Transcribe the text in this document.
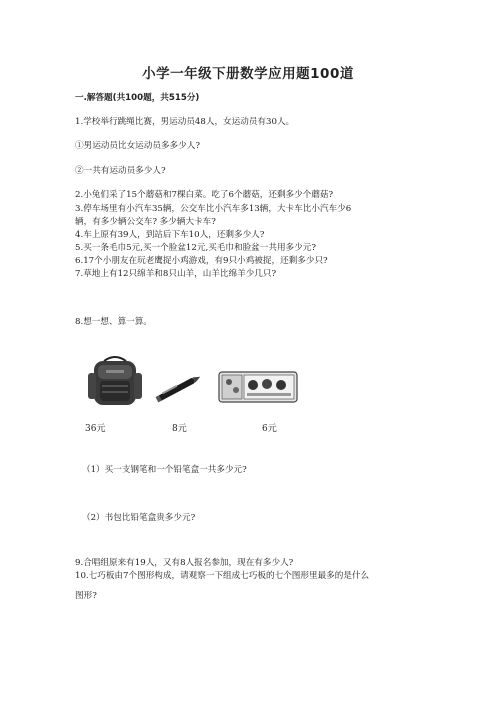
小学一年级下册数学应用题100道
一.解答题(共100题，共515分)
1.学校举行跳绳比赛，男运动员48人，女运动员有30人。
①男运动员比女运动员多多少人?
②一共有运动员多少人?
2.小兔们采了15个蘑菇和7棵白菜。吃了6个蘑菇，还剩多少个蘑菇?
3.停车场里有小汽车35辆，公交车比小汽车多13辆，大卡车比小汽车少6
辆，有多少辆公交车? 多少辆大卡车?
4.车上原有39人，到站后下车10人，还剩多少人?
5.买一条毛巾5元,买一个脸盆12元,买毛巾和脸盆一共用多少元?
6.17个小朋友在玩老鹰捉小鸡游戏，有9只小鸡被捉，还剩多少只?
7.草地上有12只绵羊和8只山羊，山羊比绵羊少几只?
8.想一想、算一算。
36元	8元	6元
（1）买一支钢笔和一个铅笔盒一共多少元?
（2）书包比铅笔盒贵多少元?
9.合唱组原来有19人，又有8人报名参加，现在有多少人?
10.七巧板由7个图形构成，请观察一下组成七巧板的七个图形里最多的是什么
图形?
